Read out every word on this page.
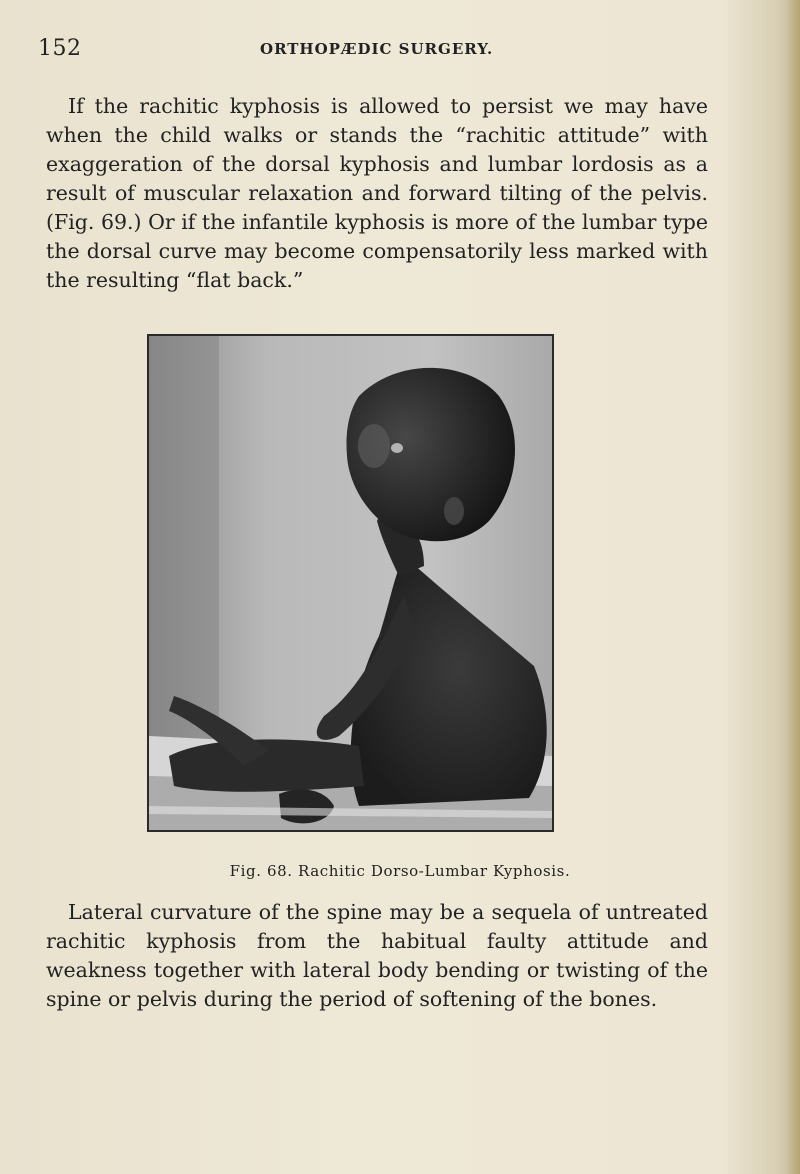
152	ORTHOPÆDIC SURGERY.

If the rachitic kyphosis is allowed to persist we may have when the child walks or stands the “rachitic attitude” with exaggeration of the dorsal kyphosis and lumbar lordosis as a result of muscular relaxation and forward tilting of the pelvis. (Fig. 69.) Or if the infantile kyphosis is more of the lumbar type the dorsal curve may become compensatorily less marked with the resulting “flat back.”

Fig. 68. Rachitic Dorso-Lumbar Kyphosis.

Lateral curvature of the spine may be a sequela of untreated rachitic kyphosis from the habitual faulty attitude and weakness together with lateral body bending or twisting of the spine or pelvis during the period of softening of the bones.
